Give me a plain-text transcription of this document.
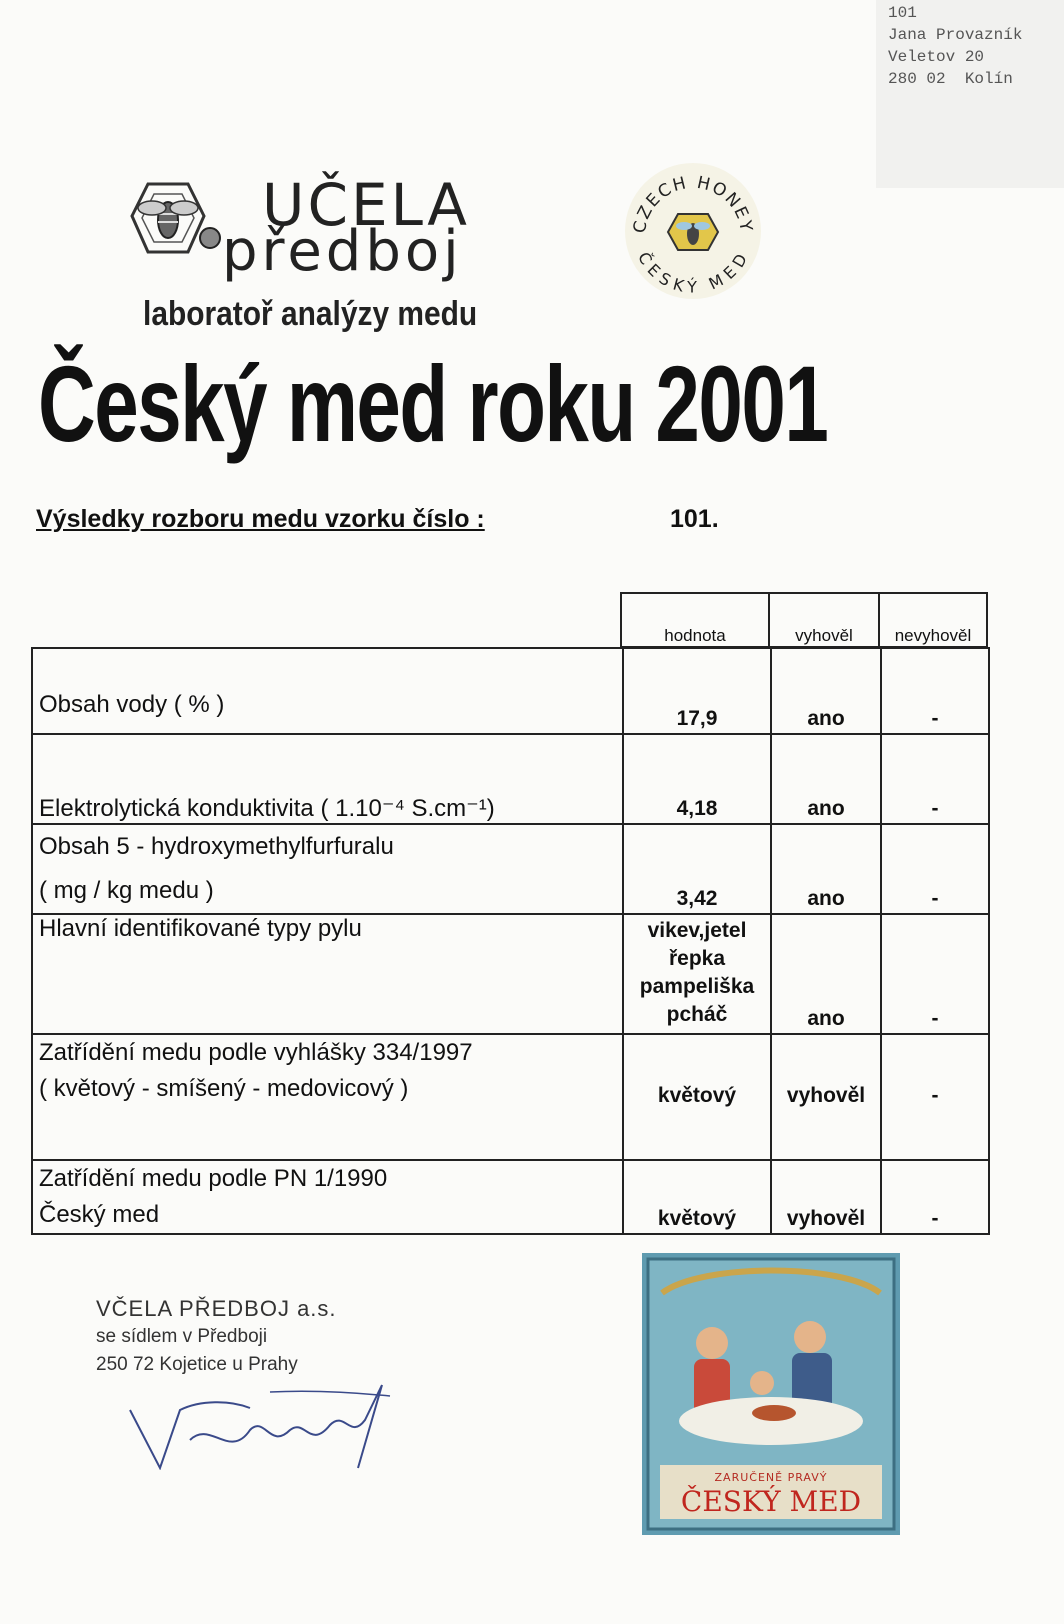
101
Jana Provazník
Veletov 20
280 02  Kolín
UČELA
předboj	CZECH HONEY
ČESKÝ MED
laboratoř analýzy medu
Český med roku 2001
Výsledky rozboru medu vzorku číslo :	101.
hodnota	vyhověl	nevyhověl
Obsah vody ( % )	17,9	ano	-
Elektrolytická konduktivita ( 1.10⁻⁴ S.cm⁻¹)	4,18	ano	-

Obsah 5 - hydroxymethylfurfuralu
( mg / kg medu )	3,42	ano	-
Hlavní identifikované typy pylu	vikev,jetel
řepka
pampeliška
pcháč	ano	-

Zatřídění medu podle vyhlášky 334/1997
( květový - smíšený - medovicový )	květový	vyhověl	-

Zatřídění medu podle PN 1/1990
Český med	květový	vyhověl	-
VČELA PŘEDBOJ a.s.
se sídlem v Předboji
250 72 Kojetice u Prahy
ZARUČENĚ PRAVÝ
ČESKÝ MED
